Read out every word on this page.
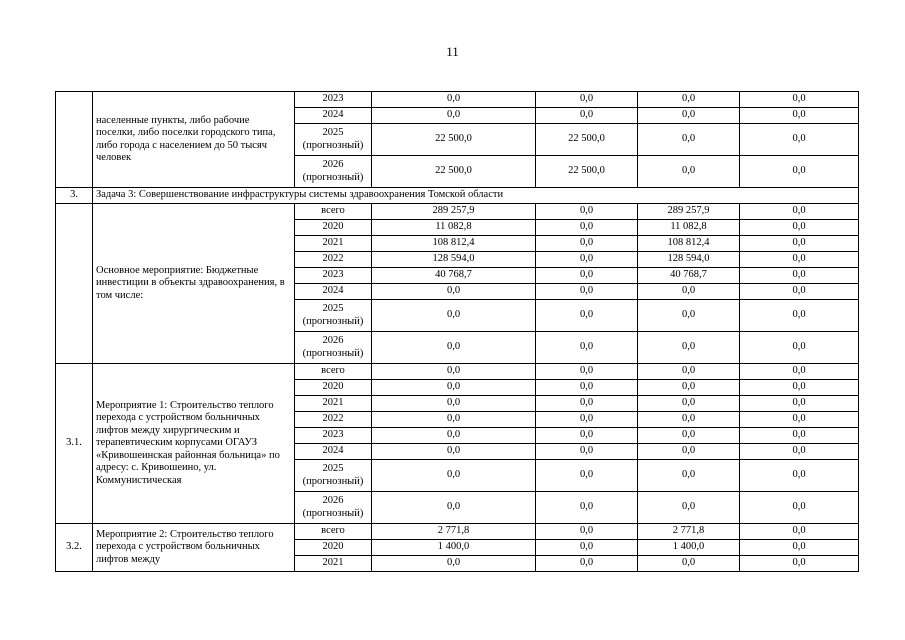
11
	населенные пункты, либо рабочие поселки, либо поселки городского типа, либо города с населением до 50 тысяч человек	2023	0,0	0,0	0,0	0,0
		2024	0,0	0,0	0,0	0,0
		2025
(прогнозный)	22 500,0	22 500,0	0,0	0,0
		2026
(прогнозный)	22 500,0	22 500,0	0,0	0,0
3.	Задача 3: Совершенствование инфраструктуры системы здравоохранения Томской области					
	Основное мероприятие: Бюджетные инвестиции в объекты здравоохранения, в том числе:	всего	289 257,9	0,0	289 257,9	0,0
		2020	11 082,8	0,0	11 082,8	0,0
		2021	108 812,4	0,0	108 812,4	0,0
		2022	128 594,0	0,0	128 594,0	0,0
		2023	40 768,7	0,0	40 768,7	0,0
		2024	0,0	0,0	0,0	0,0
		2025
(прогнозный)	0,0	0,0	0,0	0,0
		2026
(прогнозный)	0,0	0,0	0,0	0,0
3.1.	Мероприятие 1: Строительство теплого перехода с устройством больничных лифтов между хирургическим и терапевтическим корпусами ОГАУЗ «Кривошеинская районная больница» по адресу: с. Кривошеино, ул. Коммунистическая	всего	0,0	0,0	0,0	0,0
		2020	0,0	0,0	0,0	0,0
		2021	0,0	0,0	0,0	0,0
		2022	0,0	0,0	0,0	0,0
		2023	0,0	0,0	0,0	0,0
		2024	0,0	0,0	0,0	0,0
		2025
(прогнозный)	0,0	0,0	0,0	0,0
		2026
(прогнозный)	0,0	0,0	0,0	0,0
3.2.	Мероприятие 2: Строительство теплого перехода с устройством больничных лифтов между	всего	2 771,8	0,0	2 771,8	0,0
		2020	1 400,0	0,0	1 400,0	0,0
		2021	0,0	0,0	0,0	0,0
